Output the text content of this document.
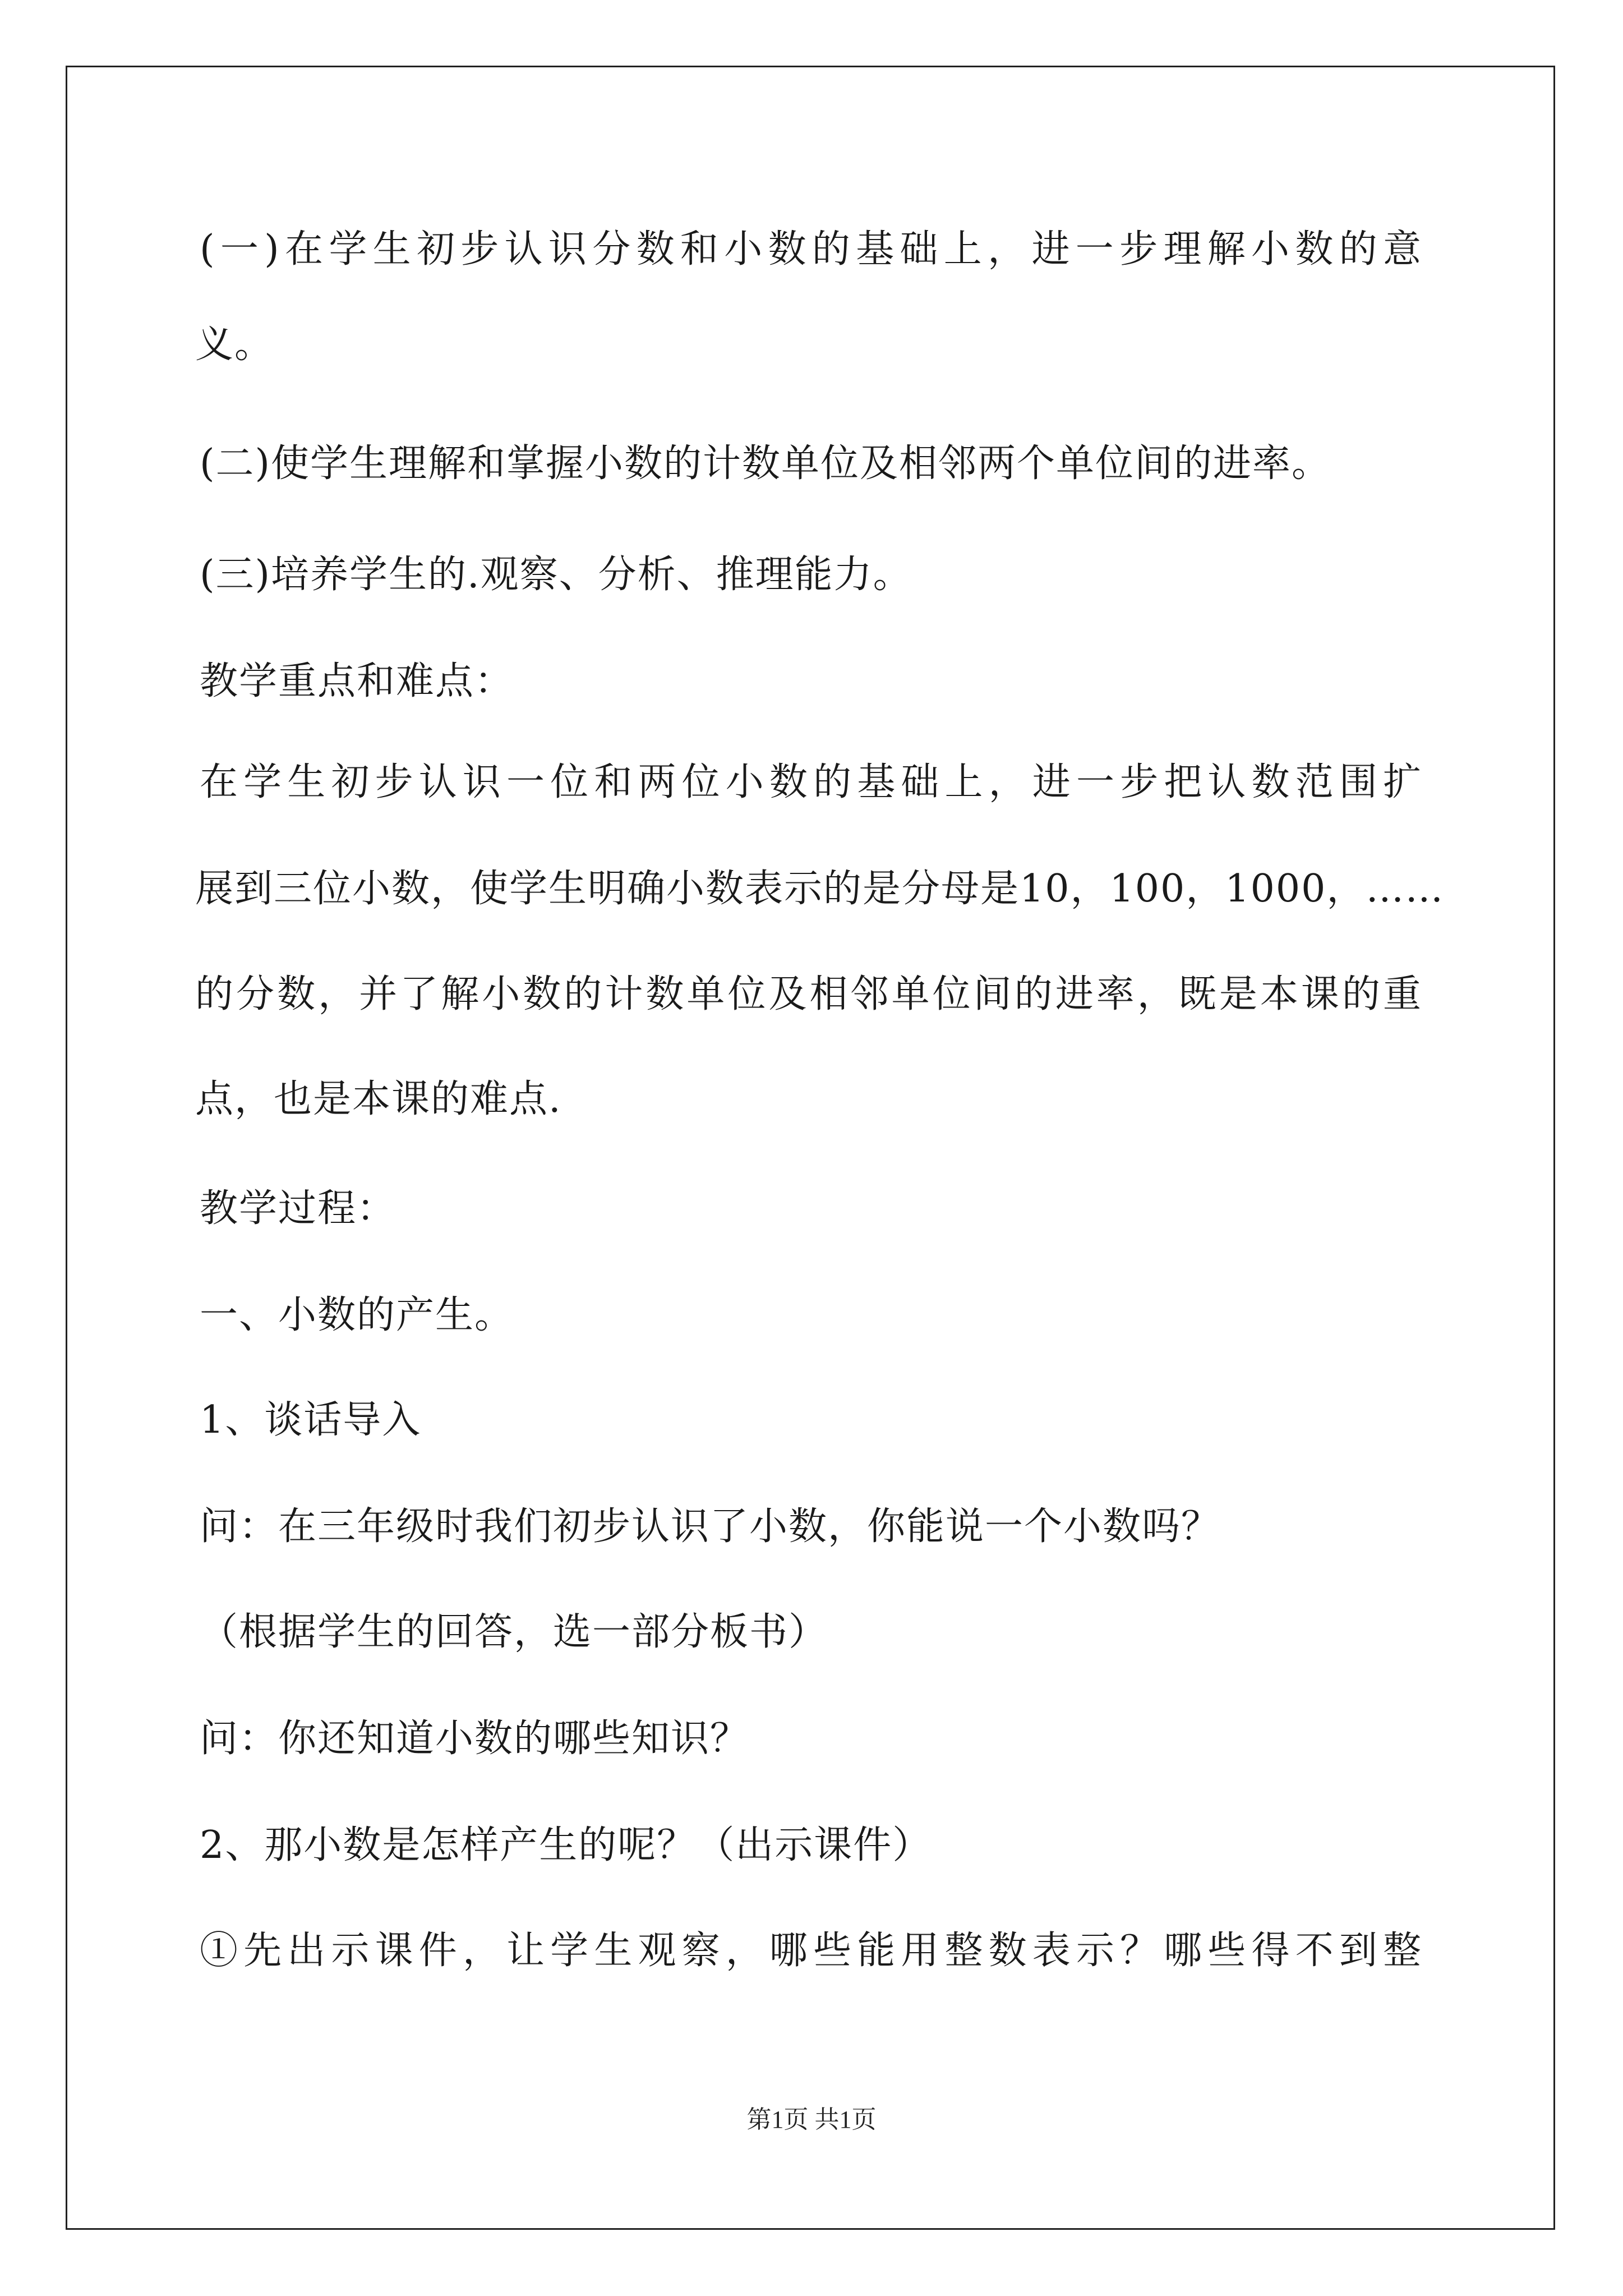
(一)在学生初步认识分数和小数的基础上，进一步理解小数的意
义。
(二)使学生理解和掌握小数的计数单位及相邻两个单位间的进率。
(三)培养学生的.观察、分析、推理能力。
教学重点和难点：
在学生初步认识一位和两位小数的基础上，进一步把认数范围扩
展到三位小数，使学生明确小数表示的是分母是10，100，1000，……
的分数，并了解小数的计数单位及相邻单位间的进率，既是本课的重
点，也是本课的难点.
教学过程：
一、小数的产生。
1、谈话导入
问：在三年级时我们初步认识了小数，你能说一个小数吗？
（根据学生的回答，选一部分板书）
问：你还知道小数的哪些知识？
2、那小数是怎样产生的呢？（出示课件）
①先出示课件，让学生观察，哪些能用整数表示？哪些得不到整
第1页 共1页
